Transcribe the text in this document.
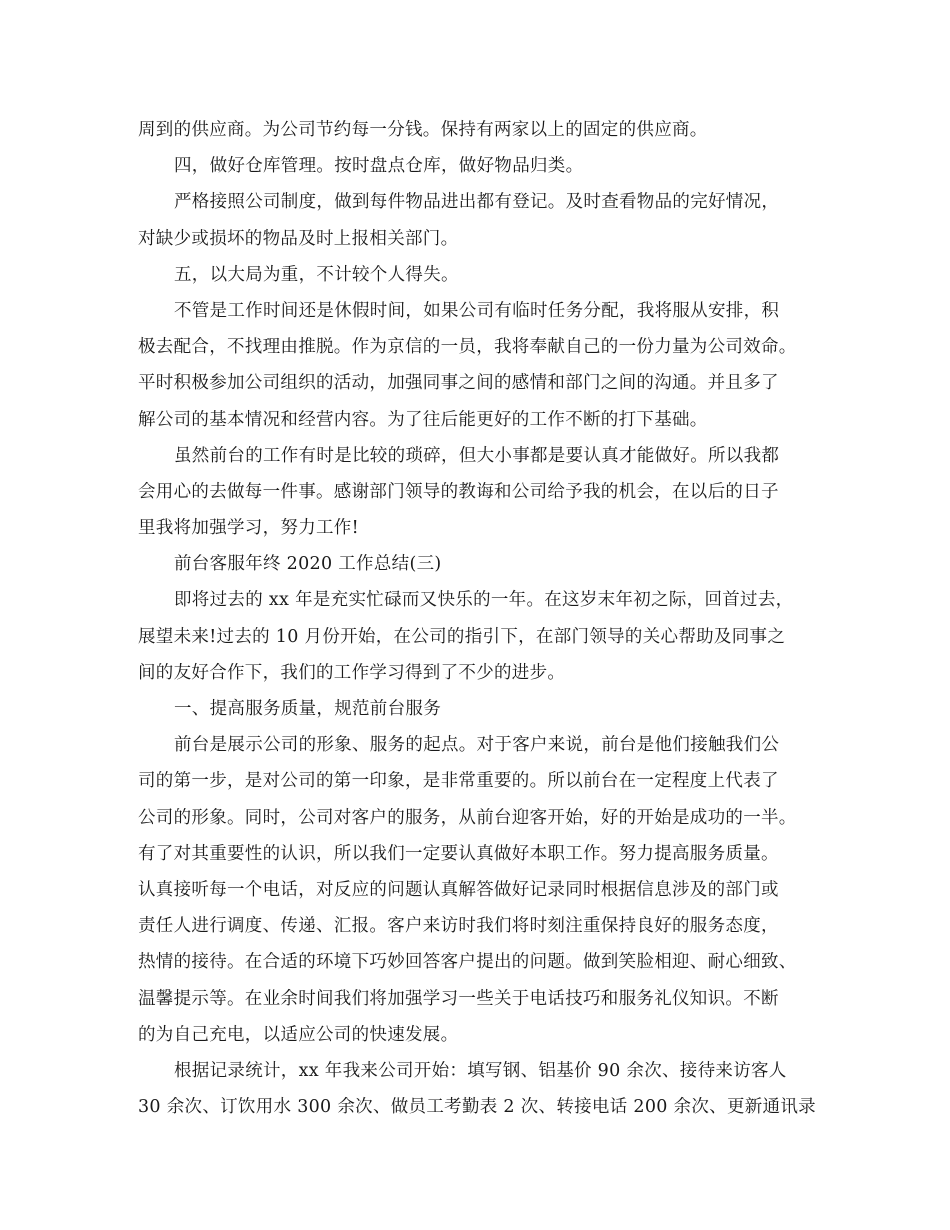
周到的供应商。为公司节约每一分钱。保持有两家以上的固定的供应商。
四，做好仓库管理。按时盘点仓库，做好物品归类。
严格接照公司制度，做到每件物品进出都有登记。及时查看物品的完好情况，
对缺少或损坏的物品及时上报相关部门。
五，以大局为重，不计较个人得失。
不管是工作时间还是休假时间，如果公司有临时任务分配，我将服从安排，积
极去配合，不找理由推脱。作为京信的一员，我将奉献自己的一份力量为公司效命。
平时积极参加公司组织的活动，加强同事之间的感情和部门之间的沟通。并且多了
解公司的基本情况和经营内容。为了往后能更好的工作不断的打下基础。
虽然前台的工作有时是比较的琐碎，但大小事都是要认真才能做好。所以我都
会用心的去做每一件事。感谢部门领导的教诲和公司给予我的机会，在以后的日子
里我将加强学习，努力工作!
前台客服年终 2020 工作总结(三)
即将过去的 xx 年是充实忙碌而又快乐的一年。在这岁末年初之际，回首过去，
展望未来!过去的 10 月份开始，在公司的指引下，在部门领导的关心帮助及同事之
间的友好合作下，我们的工作学习得到了不少的进步。
一、提高服务质量，规范前台服务
前台是展示公司的形象、服务的起点。对于客户来说，前台是他们接触我们公
司的第一步，是对公司的第一印象，是非常重要的。所以前台在一定程度上代表了
公司的形象。同时，公司对客户的服务，从前台迎客开始，好的开始是成功的一半。
有了对其重要性的认识，所以我们一定要认真做好本职工作。努力提高服务质量。
认真接听每一个电话，对反应的问题认真解答做好记录同时根据信息涉及的部门或
责任人进行调度、传递、汇报。客户来访时我们将时刻注重保持良好的服务态度，
热情的接待。在合适的环境下巧妙回答客户提出的问题。做到笑脸相迎、耐心细致、
温馨提示等。在业余时间我们将加强学习一些关于电话技巧和服务礼仪知识。不断
的为自己充电，以适应公司的快速发展。
根据记录统计，xx 年我来公司开始：填写钢、铝基价 90 余次、接待来访客人
30 余次、订饮用水 300 余次、做员工考勤表 2 次、转接电话 200 余次、更新通讯录
